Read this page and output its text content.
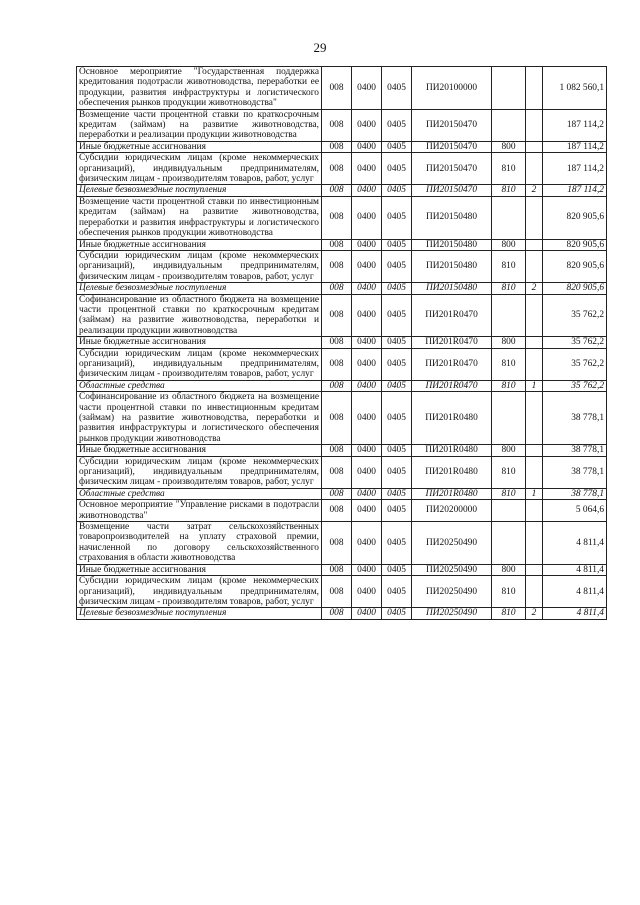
29
Основное мероприятие "Государственная поддержка кредитования подотрасли животноводства, переработки ее продукции, развития инфраструктуры и логистического обеспечения рынков продукции животноводства"	008	0400	0405	ПИ20100000			1 082 560,1
Возмещение части процентной ставки по краткосрочным кредитам (займам) на развитие животноводства, переработки и реализации продукции животноводства	008	0400	0405	ПИ20150470			187 114,2
Иные бюджетные ассигнования	008	0400	0405	ПИ20150470	800		187 114,2
Субсидии юридическим лицам (кроме некоммерческих организаций), индивидуальным предпринимателям, физическим лицам - производителям товаров, работ, услуг	008	0400	0405	ПИ20150470	810		187 114,2
Целевые безвозмездные поступления	008	0400	0405	ПИ20150470	810	2	187 114,2
Возмещение части процентной ставки по инвестиционным кредитам (займам) на развитие животноводства, переработки и развития инфраструктуры и логистического обеспечения рынков продукции животноводства	008	0400	0405	ПИ20150480			820 905,6
Иные бюджетные ассигнования	008	0400	0405	ПИ20150480	800		820 905,6
Субсидии юридическим лицам (кроме некоммерческих организаций), индивидуальным предпринимателям, физическим лицам - производителям товаров, работ, услуг	008	0400	0405	ПИ20150480	810		820 905,6
Целевые безвозмездные поступления	008	0400	0405	ПИ20150480	810	2	820 905,6
Софинансирование из областного бюджета на возмещение части процентной ставки по краткосрочным кредитам (займам) на развитие животноводства, переработки и реализации продукции животноводства	008	0400	0405	ПИ201R0470			35 762,2
Иные бюджетные ассигнования	008	0400	0405	ПИ201R0470	800		35 762,2
Субсидии юридическим лицам (кроме некоммерческих организаций), индивидуальным предпринимателям, физическим лицам - производителям товаров, работ, услуг	008	0400	0405	ПИ201R0470	810		35 762,2
Областные средства	008	0400	0405	ПИ201R0470	810	1	35 762,2
Софинансирование из областного бюджета на возмещение части процентной ставки по инвестиционным кредитам (займам) на развитие животноводства, переработки и развития инфраструктуры и логистического обеспечения рынков продукции животноводства	008	0400	0405	ПИ201R0480			38 778,1
Иные бюджетные ассигнования	008	0400	0405	ПИ201R0480	800		38 778,1
Субсидии юридическим лицам (кроме некоммерческих организаций), индивидуальным предпринимателям, физическим лицам - производителям товаров, работ, услуг	008	0400	0405	ПИ201R0480	810		38 778,1
Областные средства	008	0400	0405	ПИ201R0480	810	1	38 778,1
Основное мероприятие "Управление рисками в подотрасли животноводства"	008	0400	0405	ПИ20200000			5 064,6
Возмещение части затрат сельскохозяйственных товаропроизводителей на уплату страховой премии, начисленной по договору сельскохозяйственного страхования в области животноводства	008	0400	0405	ПИ20250490			4 811,4
Иные бюджетные ассигнования	008	0400	0405	ПИ20250490	800		4 811,4
Субсидии юридическим лицам (кроме некоммерческих организаций), индивидуальным предпринимателям, физическим лицам - производителям товаров, работ, услуг	008	0400	0405	ПИ20250490	810		4 811,4
Целевые безвозмездные поступления	008	0400	0405	ПИ20250490	810	2	4 811,4
